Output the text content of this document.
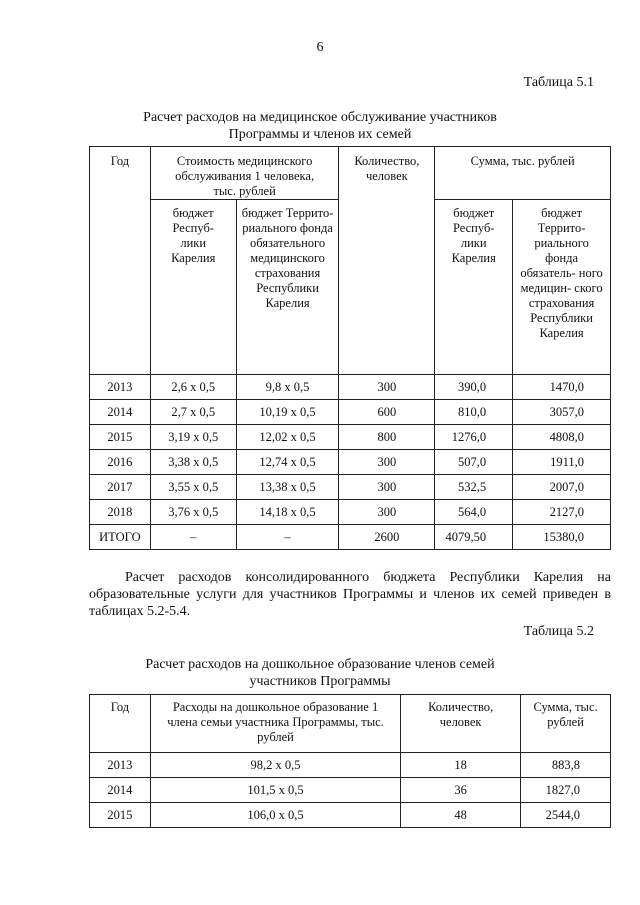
6
Таблица 5.1
Расчет расходов на медицинское обслуживание участников
Программы и членов их семей
Год	Стоимость медицинского обслуживания 1 человека, тыс. рублей		Количество, человек	Сумма, тыс. рублей	
	бюджет Респуб- лики Карелия	бюджет Террито- риального фонда обязательного медицинского страхования Республики Карелия		бюджет Респуб- лики Карелия	бюджет Террито- риального фонда обязатель- ного медицин- ского страхования Республики Карелия
2013	2,6 х 0,5	9,8 х 0,5	300	390,0	1470,0
2014	2,7 х 0,5	10,19 х 0,5	600	810,0	3057,0
2015	3,19 х 0,5	12,02 х 0,5	800	1276,0	4808,0
2016	3,38 х 0,5	12,74 х 0,5	300	507,0	1911,0
2017	3,55 х 0,5	13,38 х 0,5	300	532,5	2007,0
2018	3,76 х 0,5	14,18 х 0,5	300	564,0	2127,0
ИТОГО	–	–	2600	4079,50	15380,0
Расчет расходов консолидированного бюджета Республики Карелия на образовательные услуги для участников Программы и членов их семей приведен в таблицах 5.2-5.4.
Таблица 5.2
Расчет расходов на дошкольное образование членов семей
участников Программы
Год	Расходы на дошкольное образование 1 члена семьи участника Программы, тыс. рублей	Количество, человек	Сумма, тыс. рублей
2013	98,2 х 0,5	18	883,8
2014	101,5 х 0,5	36	1827,0
2015	106,0 х 0,5	48	2544,0
